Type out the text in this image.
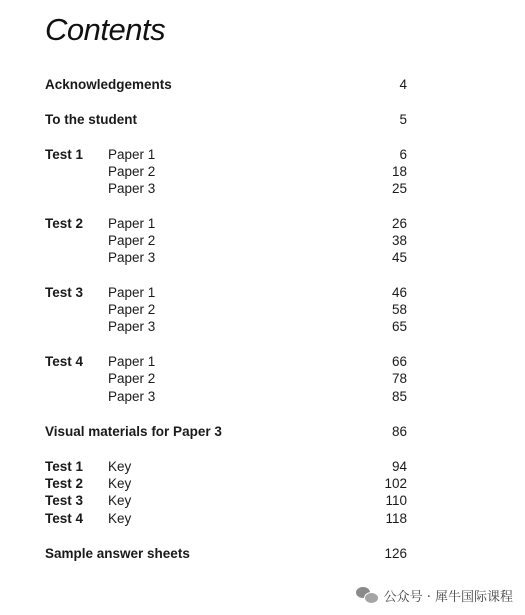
Contents
Acknowledgements	4
To the student	5
Test 1 Paper 1	6
Paper 2	18
Paper 3	25
Test 2 Paper 1	26
Paper 2	38
Paper 3	45
Test 3 Paper 1	46
Paper 2	58
Paper 3	65
Test 4 Paper 1	66
Paper 2	78
Paper 3	85
Visual materials for Paper 3	86
Test 1 Key	94
Test 2 Key	102
Test 3 Key	110
Test 4 Key	118
Sample answer sheets	126
公众号 · 犀牛国际课程
